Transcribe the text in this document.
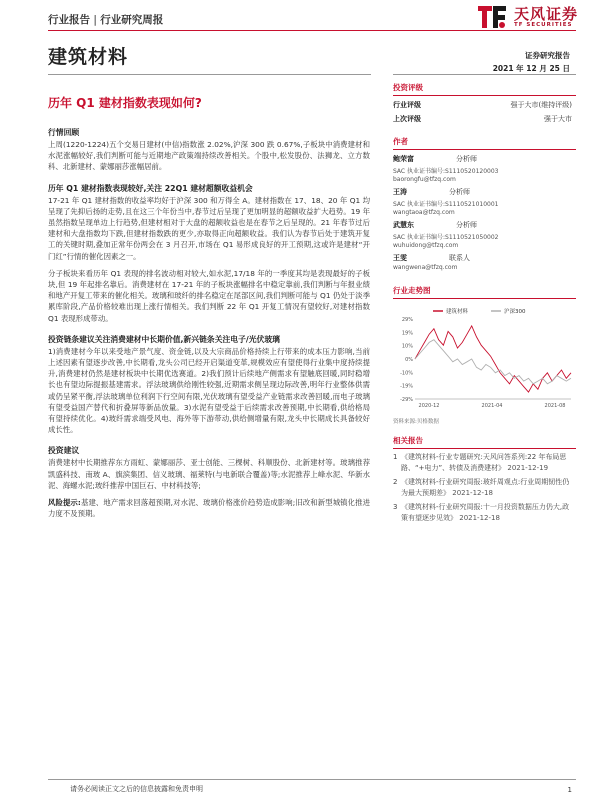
行业报告 | 行业研究周报	天风证券
TF SECURITIES
建筑材料	证券研究报告
2021 年 12 月 25 日
历年 Q1 建材指数表现如何?
行情回顾

上周(1220-1224)五个交易日建材(中信)指数涨 2.02%,沪深 300 跌 0.67%,子板块中消费建材和水泥涨幅较好,我们判断可能与近期地产政策端持续改善相关。个股中,松发股份、法狮龙、立方数科、北新建材、蒙娜丽莎涨幅居前。

历年 Q1 建材指数表现较好,关注 22Q1 建材超额收益机会

17-21 年 Q1 建材指数的收益率均好于沪深 300 和万得全 A。建材指数在 17、18、20 年 Q1 均呈现了先抑后扬的走势,且在这三个年份当中,春节过后呈现了更加明显的超额收益扩大趋势。19 年虽然指数呈现单边上行趋势,但建材相对于大盘的超额收益也是在春节之后呈现的。21 年春节过后建材和大盘指数均下跌,但建材指数跌的更少,亦取得正向超额收益。我们认为春节后处于建筑开复工的关键时期,叠加正常年份两会在 3 月召开,市场在 Q1 易形成良好的开工预期,这或许是建材“开门红”行情的催化因素之一。

分子板块来看历年 Q1 表现的排名波动相对较大,如水泥,17/18 年的一季度其均是表现最好的子板块,但 19 年起排名靠后。消费建材在 17-21 年的子板块涨幅排名中稳定靠前,我们判断与年报业绩和地产开复工带来的催化相关。玻璃和玻纤的排名稳定在尾部区间,我们判断可能与 Q1 仍处于淡季累库阶段,产品价格较难出现上涨行情相关。我们判断 22 年 Q1 开复工情况有望较好,对建材指数 Q1 表现形成带动。

投资链条建议关注消费建材中长期价值,新兴链条关注电子/光伏玻璃

1)消费建材今年以来受地产景气度、资金链,以及大宗商品价格持续上行带来的成本压力影响,当前上述因素有望逐步改善,中长期看,龙头公司已经开启渠道变革,规模效应有望使得行业集中度持续提升,消费建材仍然是建材板块中长期优选赛道。2)我们预计后续地产侧需求有望触底回暖,同时稳增长也有望边际提振基建需求。浮法玻璃供给刚性较强,近期需求侧呈现边际改善,明年行业整体供需或仍呈紧平衡,浮法玻璃单位利润下行空间有限,光伏玻璃有望受益产业链需求改善回暖,而电子玻璃有望受益国产替代和折叠屏等新品放量。3)水泥有望受益于后续需求改善预期,中长期看,供给格局有望持续优化。4)玻纤需求端受风电、海外等下游带动,供给侧增量有限,龙头中长期成长具备较好成长性。

投资建议

消费建材中长期推荐东方雨虹、蒙娜丽莎、亚士创能、三棵树、科顺股份、北新建材等。玻璃推荐凯盛科技、南玻 A、旗滨集团、信义玻璃、福莱特(与电新联合覆盖)等;水泥推荐上峰水泥、华新水泥、海螺水泥;玻纤推荐中国巨石、中材科技等;

风险提示:基建、地产需求回落超预期,对水泥、玻璃价格涨价趋势造成影响;旧改和新型城镇化推进力度不及预期。

投资评级
行业评级	强于大市(维持评级)
上次评级	强于大市
作者
鲍荣富	分析师
SAC 执业证书编号:S1110520120003
baorongfu@tfzq.com
王涛	分析师
SAC 执业证书编号:S1110521010001
wangtaoa@tfzq.com
武慧东	分析师
SAC 执业证书编号:S1110521050002
wuhuidong@tfzq.com
王雯	联系人
wangwena@tfzq.com
行业走势图
29%
19%
10%
0%
-10%
-19%
-29%
2020-12	2021-04	2021-08
建筑材料	沪深300
资料来源:贝格数据
相关报告
1 《建筑材料-行业专题研究:天风问答系列:22 年布局思路、“+电力”、转债及消费建材》 2021-12-19
2 《建筑材料-行业研究周报:玻纤周观点:行业周期韧性仍为最大预期差》 2021-12-18
3 《建筑材料-行业研究周报:十一月投资数据压力仍大,政策有望逐步见效》 2021-12-18
请务必阅读正文之后的信息披露和免责申明	1
